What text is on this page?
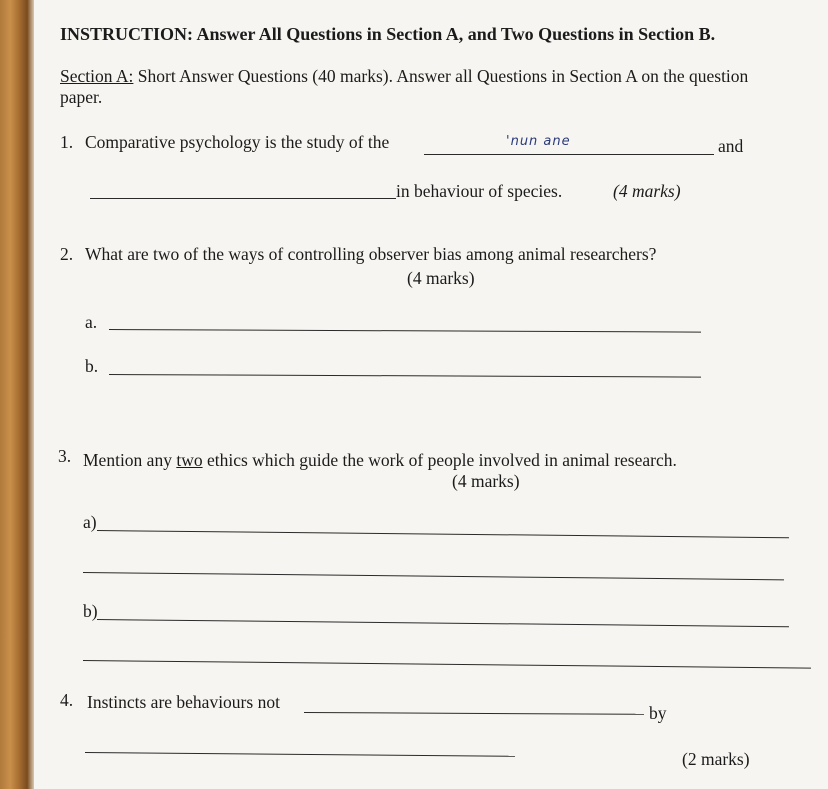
INSTRUCTION: Answer All Questions in Section A, and Two Questions in Section B.
Section A: Short Answer Questions (40 marks). Answer all Questions in Section A on the question
paper.
1. Comparative psychology is the study of the	'nun ane	and
in behaviour of species.	(4 marks)
2. What are two of the ways of controlling observer bias among animal researchers?
(4 marks)
a.
b.
3. Mention any two ethics which guide the work of people involved in animal research.
(4 marks)
a)
b)
4. Instincts are behaviours not
by
(2 marks)
